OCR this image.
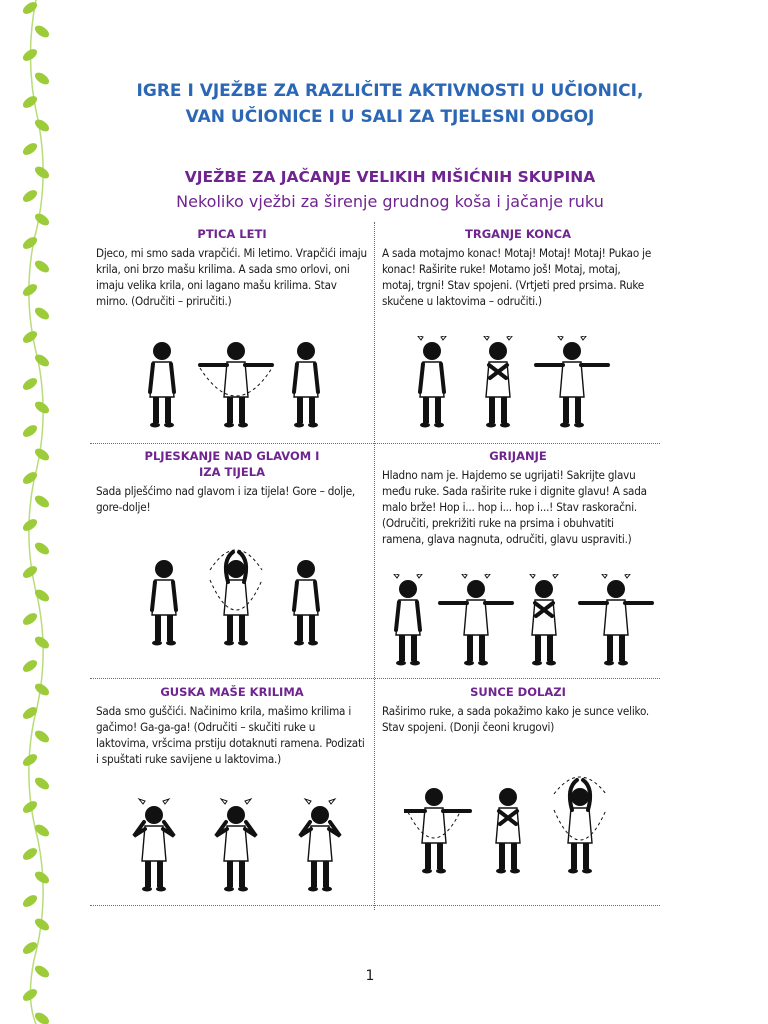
IGRE I VJEŽBE ZA RAZLIČITE AKTIVNOSTI U UČIONICI,
VAN UČIONICE I U SALI ZA TJELESNI ODGOJ
VJEŽBE ZA JAČANJE VELIKIH MIŠIĆNIH SKUPINA
Nekoliko vježbi za širenje grudnog koša i jačanje ruku
PTICA LETI

Djeco, mi smo sada vrapčići. Mi letimo. Vrapčići imaju krila, oni brzo mašu krilima. A sada smo orlovi, oni imaju velika krila, oni lagano mašu krilima. Stav mirno. (Odručiti – priručiti.)

TRGANJE KONCA

A sada motajmo konac! Motaj! Motaj! Motaj! Pukao je konac! Raširite ruke! Motamo još! Motaj, motaj, motaj, trgni! Stav spojeni. (Vrtjeti pred prsima. Ruke skučene u laktovima – odručiti.)

PLJESKANJE NAD GLAVOM I IZA TIJELA

Sada plješćimo nad glavom i iza tijela! Gore – dolje, gore-dolje!

GRIJANJE

Hladno nam je. Hajdemo se ugrijati! Sakrijte glavu među ruke. Sada raširite ruke i dignite glavu! A sada malo brže! Hop i... hop i... hop i...! Stav raskoračni. (Odručiti, prekrižiti ruke na prsima i obuhvatiti ramena, glava nagnuta, odručiti, glavu uspraviti.)

GUSKA MAŠE KRILIMA

Sada smo guščići. Načinimo krila, mašimo krilima i gačimo! Ga-ga-ga! (Odručiti – skučiti ruke u laktovima, vršcima prstiju dotaknuti ramena. Podizati i spuštati ruke savijene u laktovima.)

SUNCE DOLAZI

Raširimo ruke, a sada pokažimo kako je sunce veliko. Stav spojeni. (Donji čeoni krugovi)

1
